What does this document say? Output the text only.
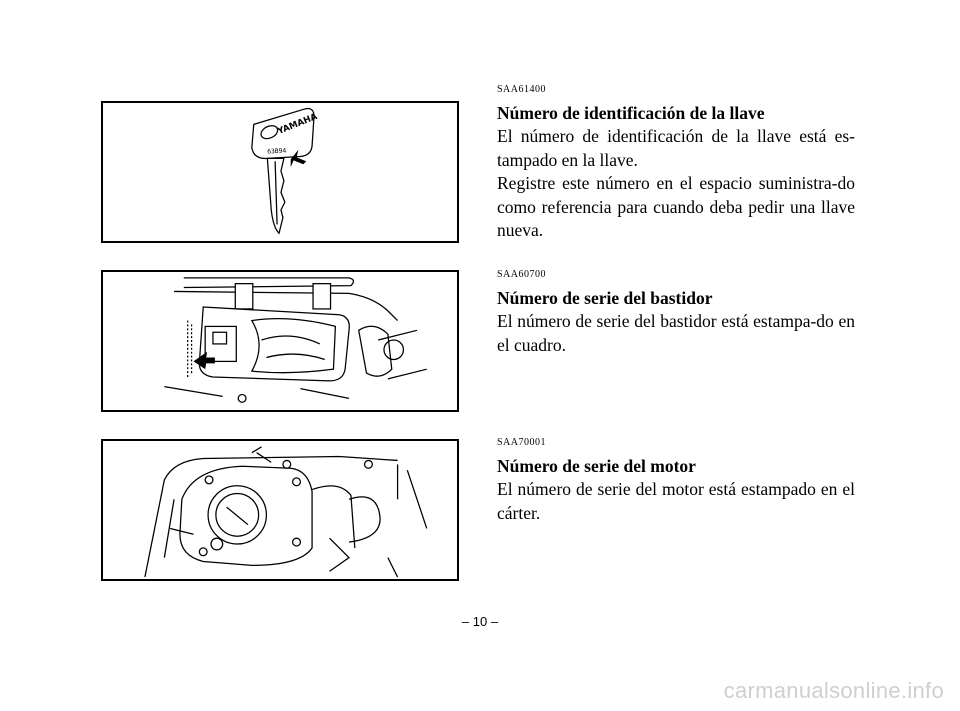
YAMAHA
63B94

SAA61400

Número de identificación de la llave

El número de identificación de la llave está es-tampado en la llave.

Registre este número en el espacio suministra-do como referencia para cuando deba pedir una llave nueva.

SAA60700

Número de serie del bastidor

El número de serie del bastidor está estampa-do en el cuadro.

SAA70001

Número de serie del motor

El número de serie del motor está estampado en el cárter.

– 10 –
carmanualsonline.info
